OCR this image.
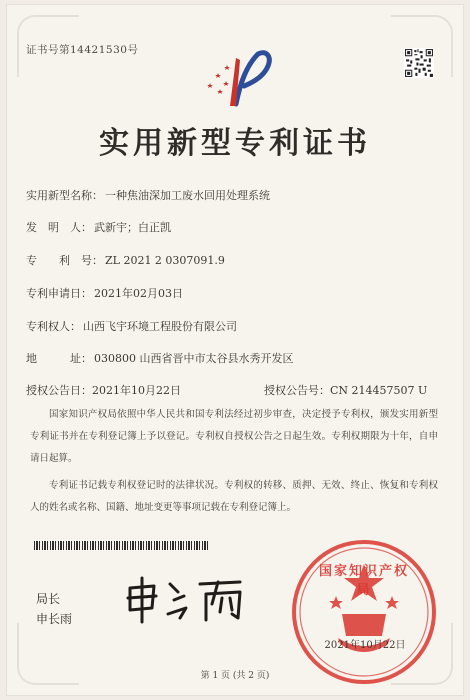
证书号第14421530号
实用新型专利证书
实用新型名称： 一种焦油深加工废水回用处理系统
发　明　人： 武新宇；白正凯
专　　利　号： ZL 2021 2 0307091.9
专利申请日： 2021年02月03日
专利权人： 山西飞宇环境工程股份有限公司
地　　　址： 030800 山西省晋中市太谷县水秀开发区
授权公告日：2021年10月22日	授权公告号：CN 214457507 U
国家知识产权局依照中华人民共和国专利法经过初步审查，决定授予专利权，颁发实用新型专利证书并在专利登记簿上予以登记。专利权自授权公告之日起生效。专利权期限为十年，自申请日起算。
专利证书记载专利权登记时的法律状况。专利权的转移、质押、无效、终止、恢复和专利权人的姓名或名称、国籍、地址变更等事项记载在专利登记簿上。
局长
申长雨
国家知识产权局
2021年10月22日
第 1 页 (共 2 页)
